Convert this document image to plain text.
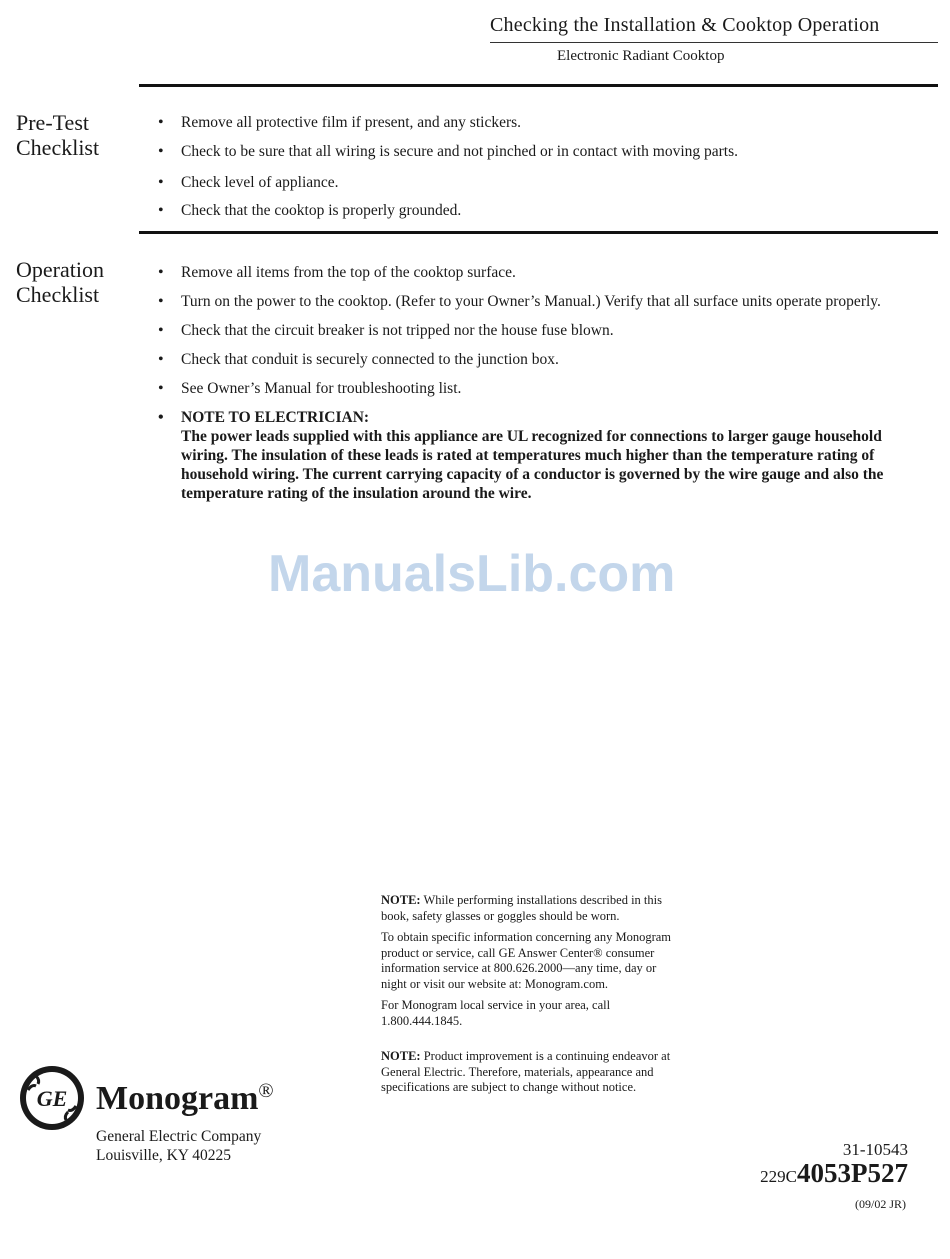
Checking the Installation & Cooktop Operation
Electronic Radiant Cooktop
Pre-Test
Checklist
• Remove all protective film if present, and any stickers.
• Check to be sure that all wiring is secure and not pinched or in contact with moving parts.
• Check level of appliance.
• Check that the cooktop is properly grounded.
Operation
Checklist
• Remove all items from the top of the cooktop surface.
• Turn on the power to the cooktop. (Refer to your Owner’s Manual.) Verify that all surface units operate properly.
• Check that the circuit breaker is not tripped nor the house fuse blown.
• Check that conduit is securely connected to the junction box.
• See Owner’s Manual for troubleshooting list.
• NOTE TO ELECTRICIAN:
The power leads supplied with this appliance are UL recognized for connections to larger gauge household wiring. The insulation of these leads is rated at temperatures much higher than the temperature rating of household wiring. The current carrying capacity of a conductor is governed by the wire gauge and also the temperature rating of the insulation around the wire.
ManualsLib.com

NOTE: While performing installations described in this book, safety glasses or goggles should be worn.

To obtain specific information concerning any Monogram product or service, call GE Answer Center® consumer information service at 800.626.2000—any time, day or night or visit our website at: Monogram.com.

For Monogram local service in your area, call 1.800.444.1845.

NOTE: Product improvement is a continuing endeavor at General Electric. Therefore, materials, appearance and specifications are subject to change without notice.

GE Monogram®
General Electric Company
Louisville, KY 40225	31-10543
229C4053P527
(09/02 JR)
